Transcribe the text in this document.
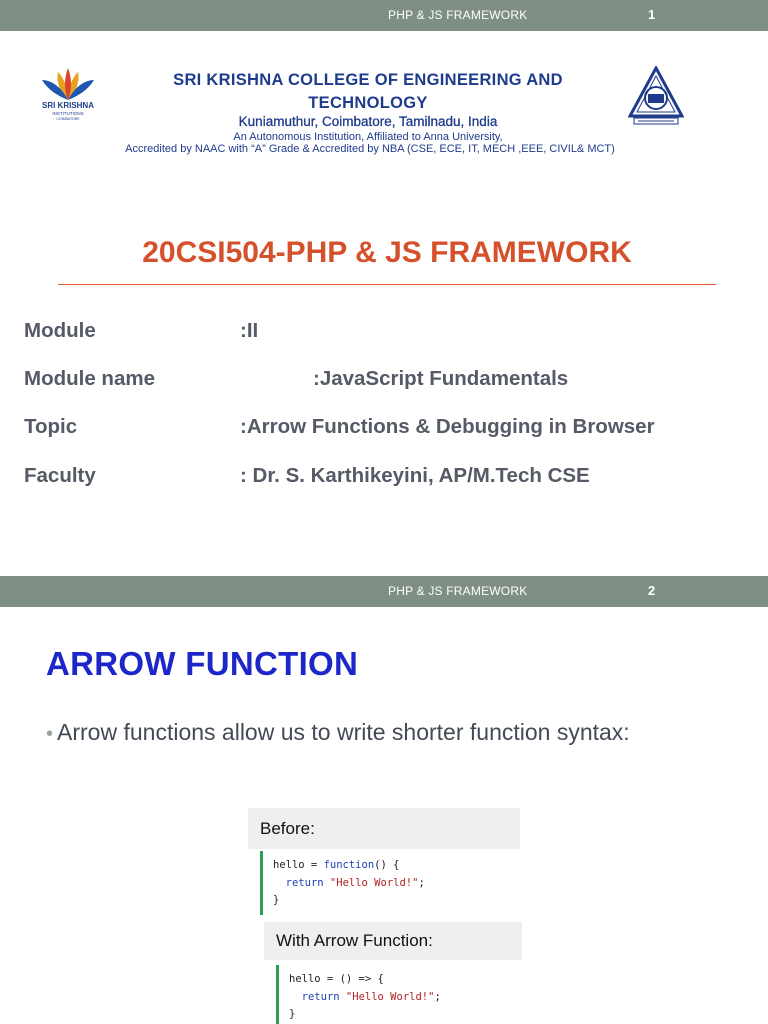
PHP & JS FRAMEWORK	1
SRI KRISHNA
INSTITUTIONS
COIMBATORE
SRI KRISHNA COLLEGE OF ENGINEERING AND
TECHNOLOGY
Kuniamuthur, Coimbatore, Tamilnadu, India
An Autonomous Institution, Affiliated to Anna University,
Accredited by NAAC with “A” Grade & Accredited by NBA (CSE, ECE, IT, MECH ,EEE, CIVIL& MCT)
20CSI504-PHP & JS FRAMEWORK
Module	:II
Module name	:JavaScript Fundamentals
Topic	:Arrow Functions & Debugging in Browser
Faculty	: Dr. S. Karthikeyini, AP/M.Tech CSE
PHP & JS FRAMEWORK	2
ARROW FUNCTION
• Arrow functions allow us to write shorter function syntax:
Before:
hello = function() {
return "Hello World!";
}
With Arrow Function:
hello = () => {
return "Hello World!";
}
